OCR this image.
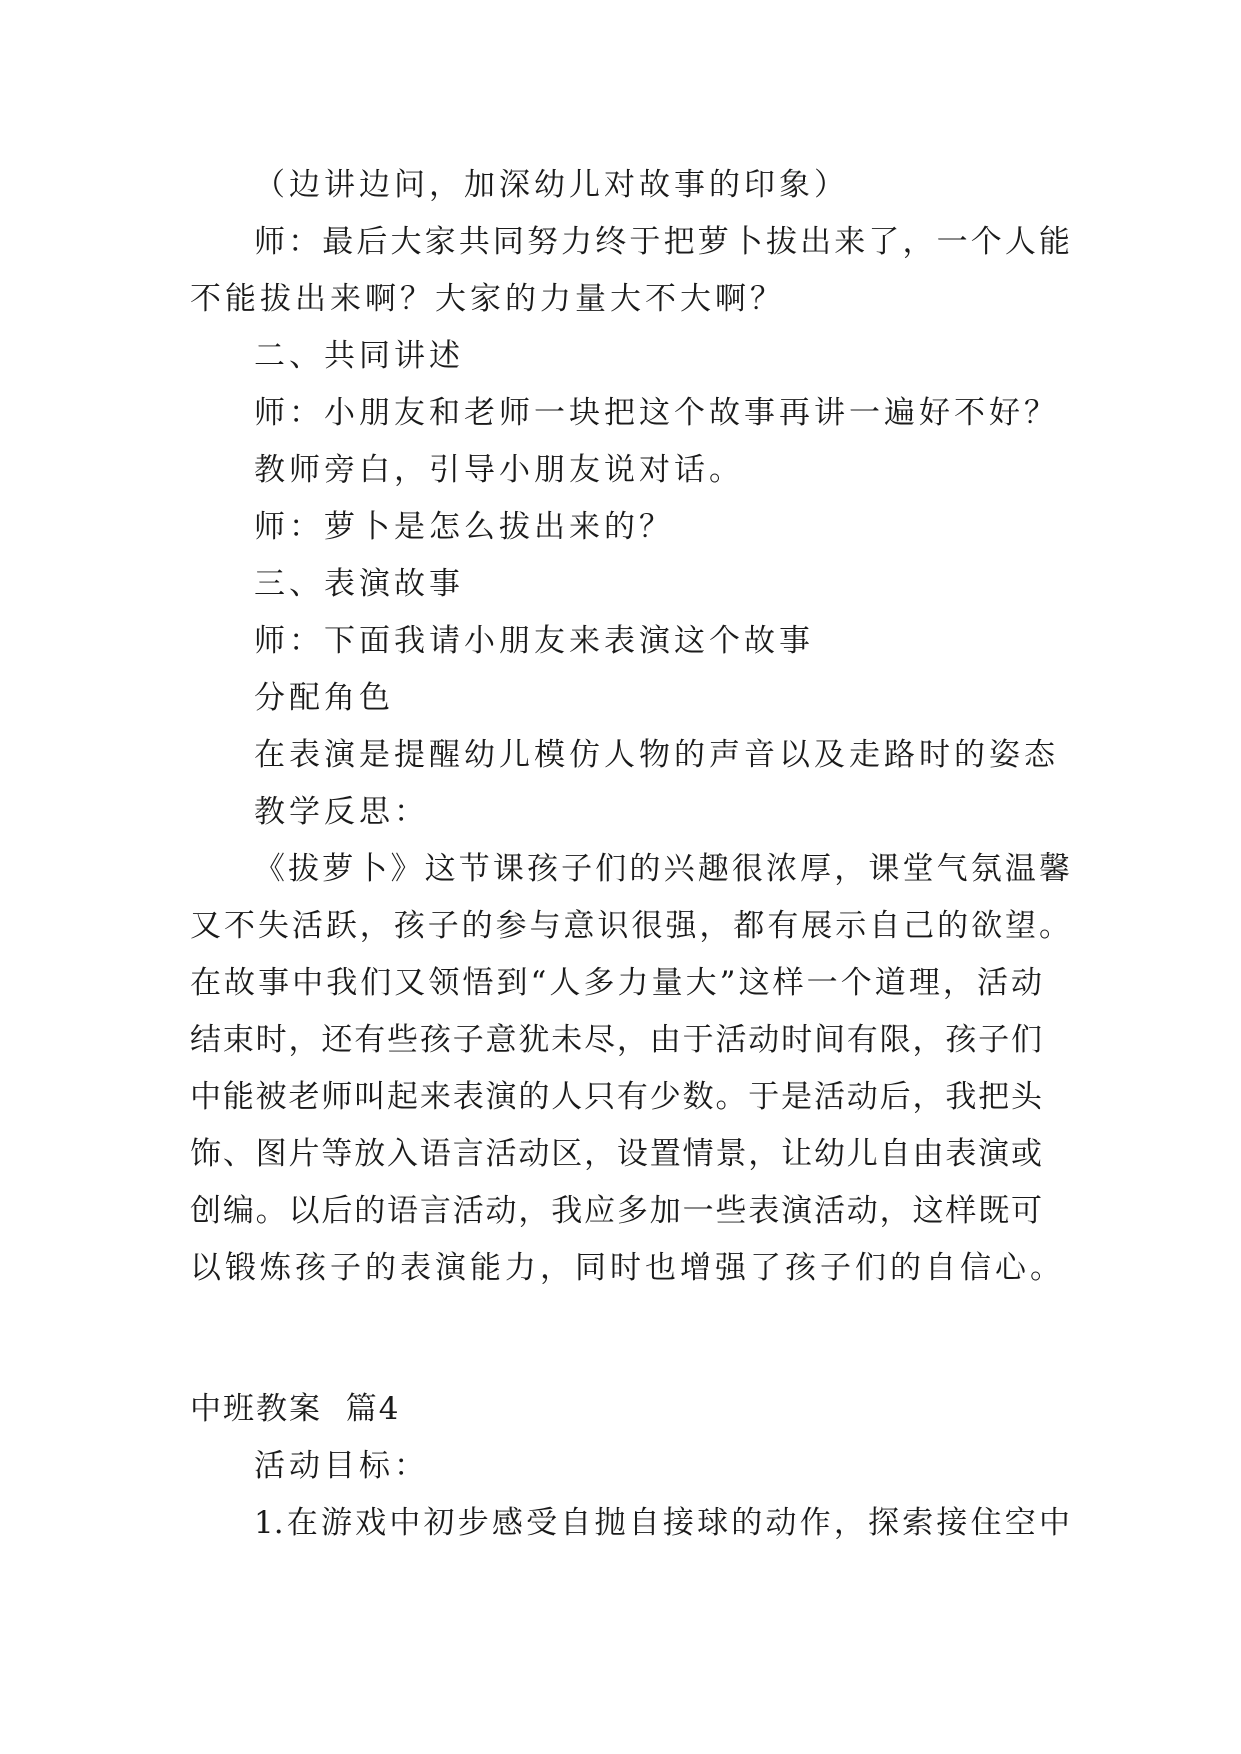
（边讲边问，加深幼儿对故事的印象）
师：最后大家共同努力终于把萝卜拔出来了，一个人能
不能拔出来啊？大家的力量大不大啊？
二、共同讲述
师：小朋友和老师一块把这个故事再讲一遍好不好？
教师旁白，引导小朋友说对话。
师：萝卜是怎么拔出来的？
三、表演故事
师：下面我请小朋友来表演这个故事
分配角色
在表演是提醒幼儿模仿人物的声音以及走路时的姿态
教学反思：
《拔萝卜》这节课孩子们的兴趣很浓厚，课堂气氛温馨
又不失活跃，孩子的参与意识很强，都有展示自己的欲望。
在故事中我们又领悟到“人多力量大”这样一个道理，活动
结束时，还有些孩子意犹未尽，由于活动时间有限，孩子们
中能被老师叫起来表演的人只有少数。于是活动后，我把头
饰、图片等放入语言活动区，设置情景，让幼儿自由表演或
创编。以后的语言活动，我应多加一些表演活动，这样既可
以锻炼孩子的表演能力，同时也增强了孩子们的自信心。
中班教案  篇4
活动目标：
1.在游戏中初步感受自抛自接球的动作，探索接住空中
